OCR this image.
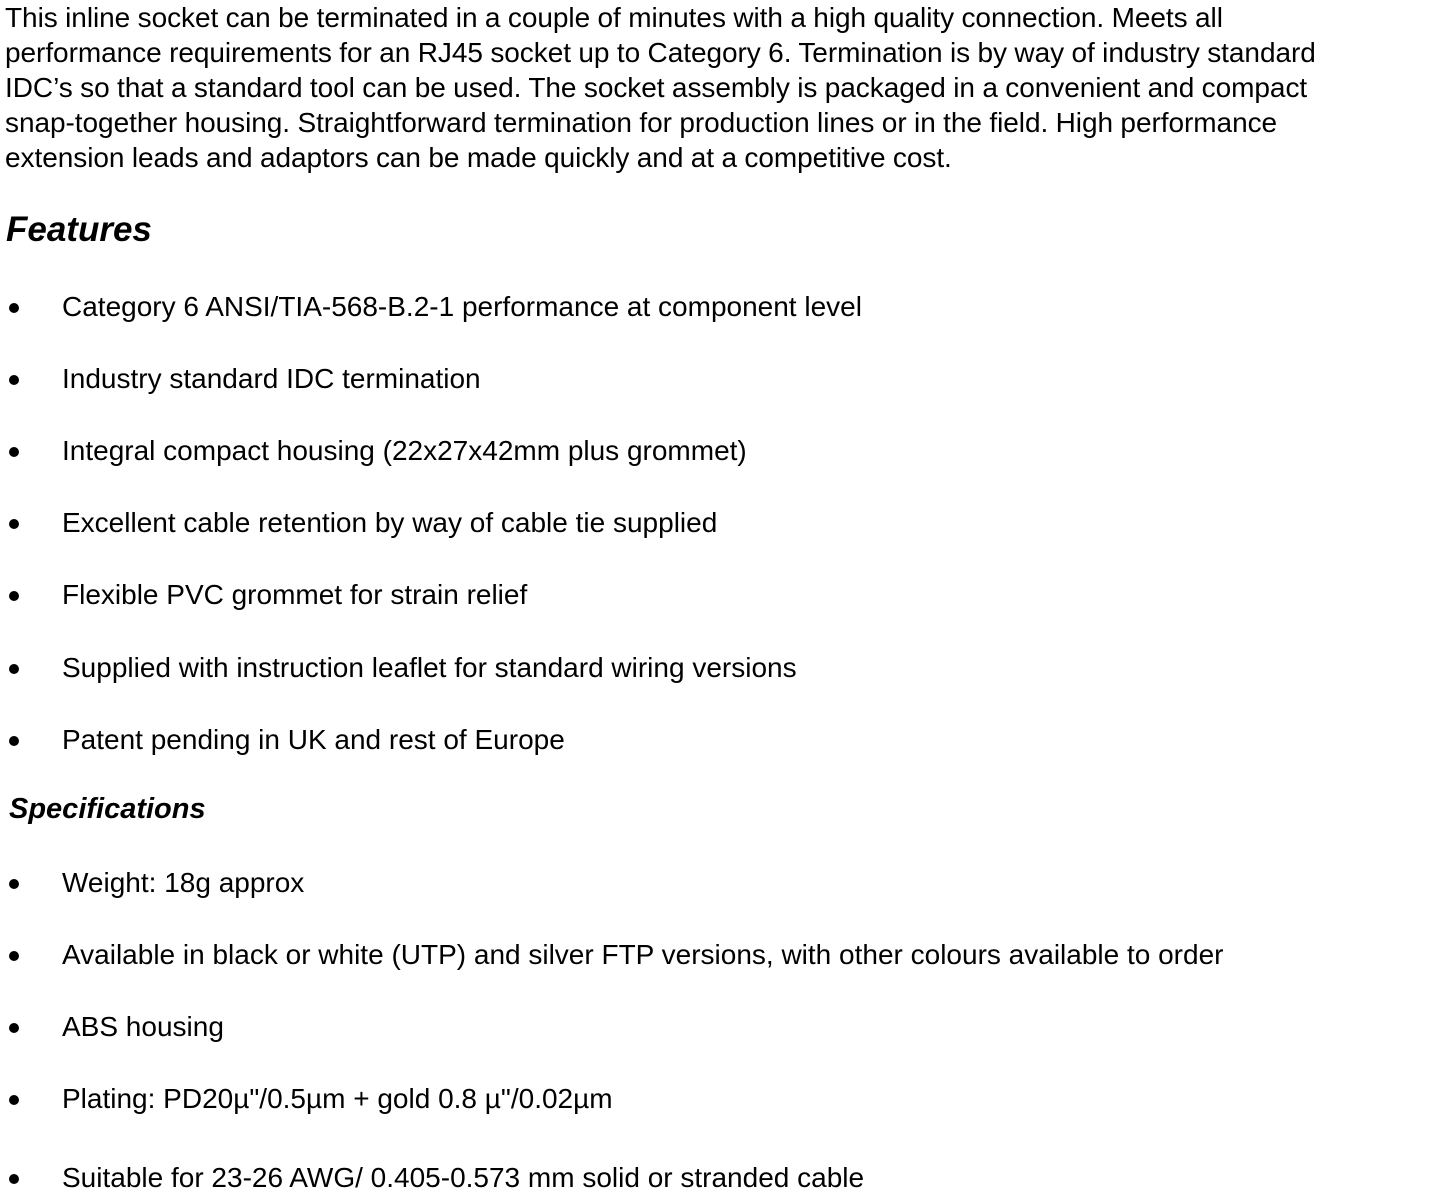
This inline socket can be terminated in a couple of minutes with a high quality connection. Meets all
performance requirements for an RJ45 socket up to Category 6. Termination is by way of industry standard
IDC’s so that a standard tool can be used. The socket assembly is packaged in a convenient and compact
snap-together housing. Straightforward termination for production lines or in the field. High performance
extension leads and adaptors can be made quickly and at a competitive cost.

Features
Category 6 ANSI/TIA-568-B.2-1 performance at component level
Industry standard IDC termination
Integral compact housing (22x27x42mm plus grommet)
Excellent cable retention by way of cable tie supplied
Flexible PVC grommet for strain relief
Supplied with instruction leaflet for standard wiring versions
Patent pending in UK and rest of Europe
Specifications
Weight: 18g approx
Available in black or white (UTP) and silver FTP versions, with other colours available to order
ABS housing
Plating: PD20µ"/0.5µm + gold 0.8 µ"/0.02µm
Suitable for 23-26 AWG/ 0.405-0.573 mm solid or stranded cable
